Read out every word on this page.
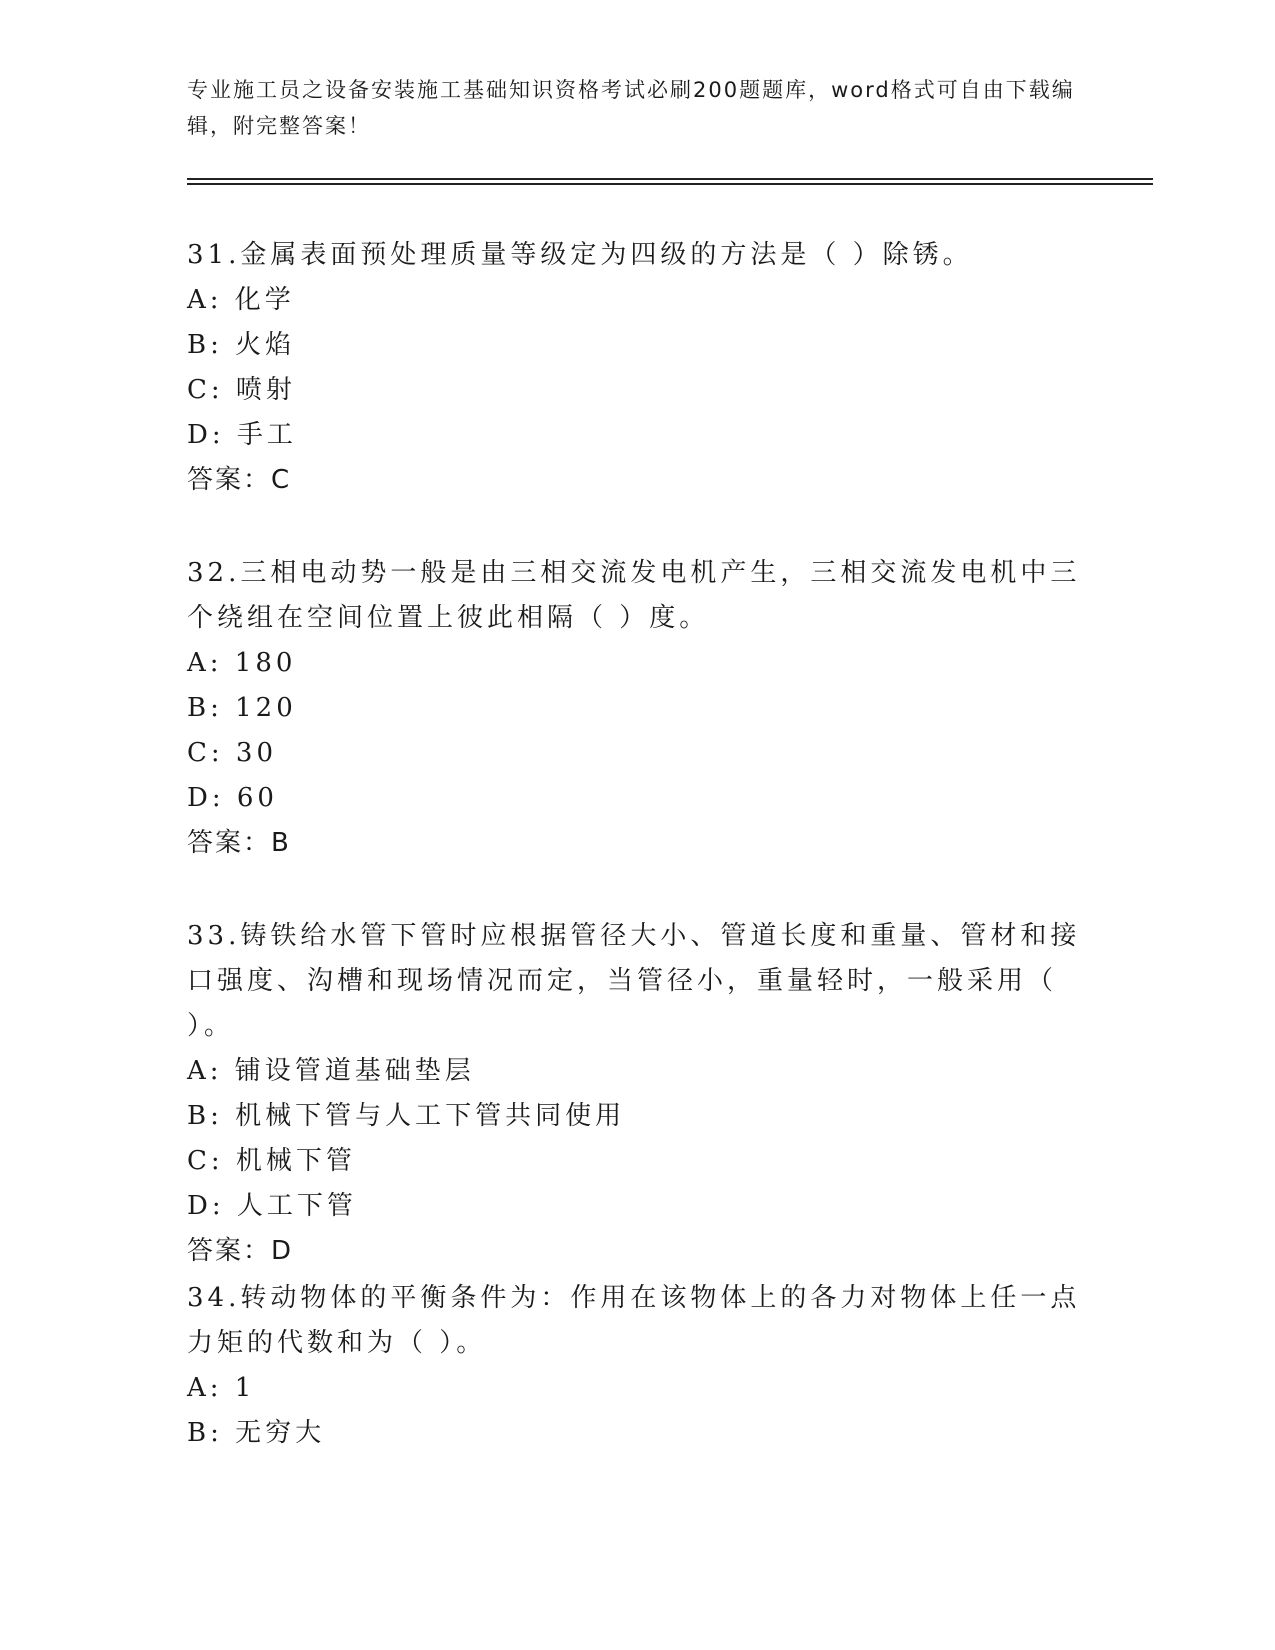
专业施工员之设备安装施工基础知识资格考试必刷200题题库，word格式可自由下载编辑，附完整答案！

31.金属表面预处理质量等级定为四级的方法是（ ）除锈。

A: 化学
B: 火焰
C: 喷射
D: 手工
答案：C

32.三相电动势一般是由三相交流发电机产生，三相交流发电机中三个绕组在空间位置上彼此相隔（ ）度。

A: 180
B: 120
C: 30
D: 60
答案：B

33.铸铁给水管下管时应根据管径大小、管道长度和重量、管材和接口强度、沟槽和现场情况而定，当管径小，重量轻时，一般采用（ ）。

A: 铺设管道基础垫层
B: 机械下管与人工下管共同使用
C: 机械下管
D: 人工下管
答案：D

34.转动物体的平衡条件为：作用在该物体上的各力对物体上任一点力矩的代数和为（ ）。

A: 1
B: 无穷大
